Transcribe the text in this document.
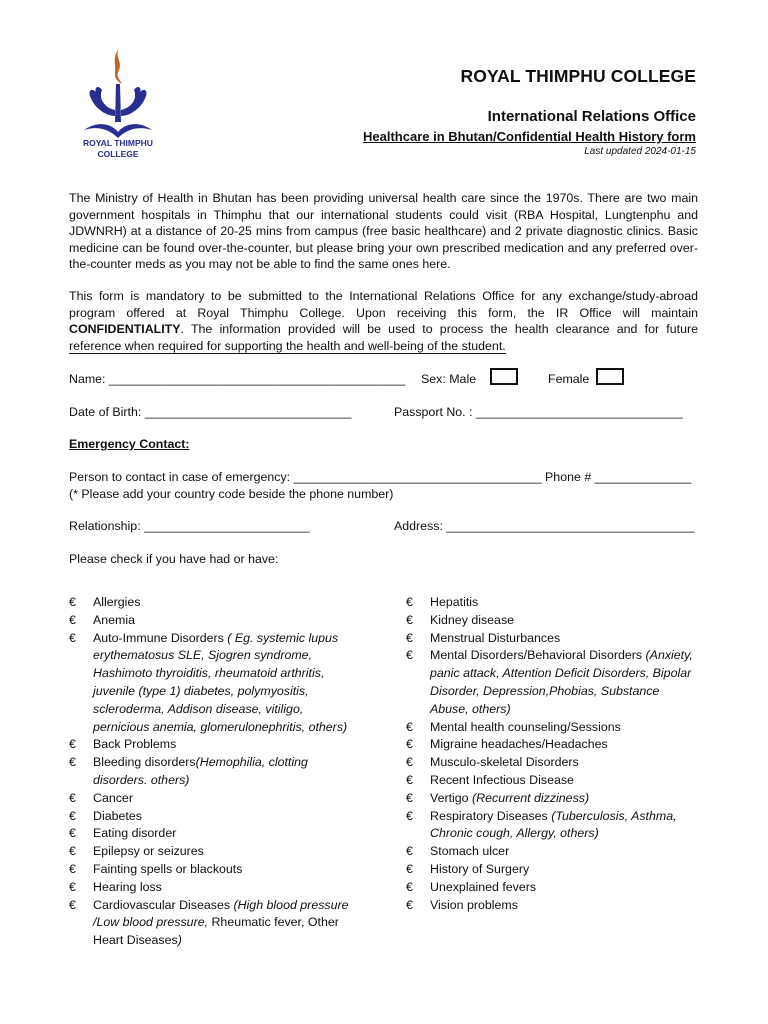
ROYAL THIMPHU
COLLEGE
ROYAL THIMPHU COLLEGE
International Relations Office
Healthcare in Bhutan/Confidential Health History form
Last updated 2024-01-15
The Ministry of Health in Bhutan has been providing universal health care since the 1970s. There are two main government hospitals in Thimphu that our international students could visit (RBA Hospital, Lungtenphu and JDWNRH) at a distance of 20-25 mins from campus (free basic healthcare) and 2 private diagnostic clinics. Basic medicine can be found over-the-counter, but please bring your own prescribed medication and any preferred over-the-counter meds as you may not be able to find the same ones here.
This form is mandatory to be submitted to the International Relations Office for any exchange/study-abroad program offered at Royal Thimphu College. Upon receiving this form, the IR Office will maintain CONFIDENTIALITY. The information provided will be used to process the health clearance and for future reference when required for supporting the health and well-being of the student.
Name: ___________________________________________ Sex: Male	Female
Date of Birth: ______________________________	Passport No. : ______________________________
Emergency Contact:
Person to contact in case of emergency: ____________________________________ Phone # ______________
(* Please add your country code beside the phone number)
Relationship: ________________________	Address: ____________________________________
Please check if you have had or have:
€ Allergies
€ Anemia
€ Auto-Immune Disorders ( Eg. systemic lupus erythematosus SLE, Sjogren syndrome, Hashimoto thyroiditis, rheumatoid arthritis, juvenile (type 1) diabetes, polymyositis, scleroderma, Addison disease, vitiligo, pernicious anemia, glomerulonephritis, others)
€ Back Problems
€ Bleeding disorders(Hemophilia, clotting disorders. others)
€ Cancer
€ Diabetes
€ Eating disorder
€ Epilepsy or seizures
€ Fainting spells or blackouts
€ Hearing loss
€ Cardiovascular Diseases (High blood pressure /Low blood pressure, Rheumatic fever, Other Heart Diseases)
€ Hepatitis
€ Kidney disease
€ Menstrual Disturbances
€ Mental Disorders/Behavioral Disorders (Anxiety, panic attack, Attention Deficit Disorders, Bipolar Disorder, Depression,Phobias, Substance Abuse, others)
€ Mental health counseling/Sessions
€ Migraine headaches/Headaches
€ Musculo-skeletal Disorders
€ Recent Infectious Disease
€ Vertigo (Recurrent dizziness)
€ Respiratory Diseases (Tuberculosis, Asthma, Chronic cough, Allergy, others)
€ Stomach ulcer
€ History of Surgery
€ Unexplained fevers
€ Vision problems
